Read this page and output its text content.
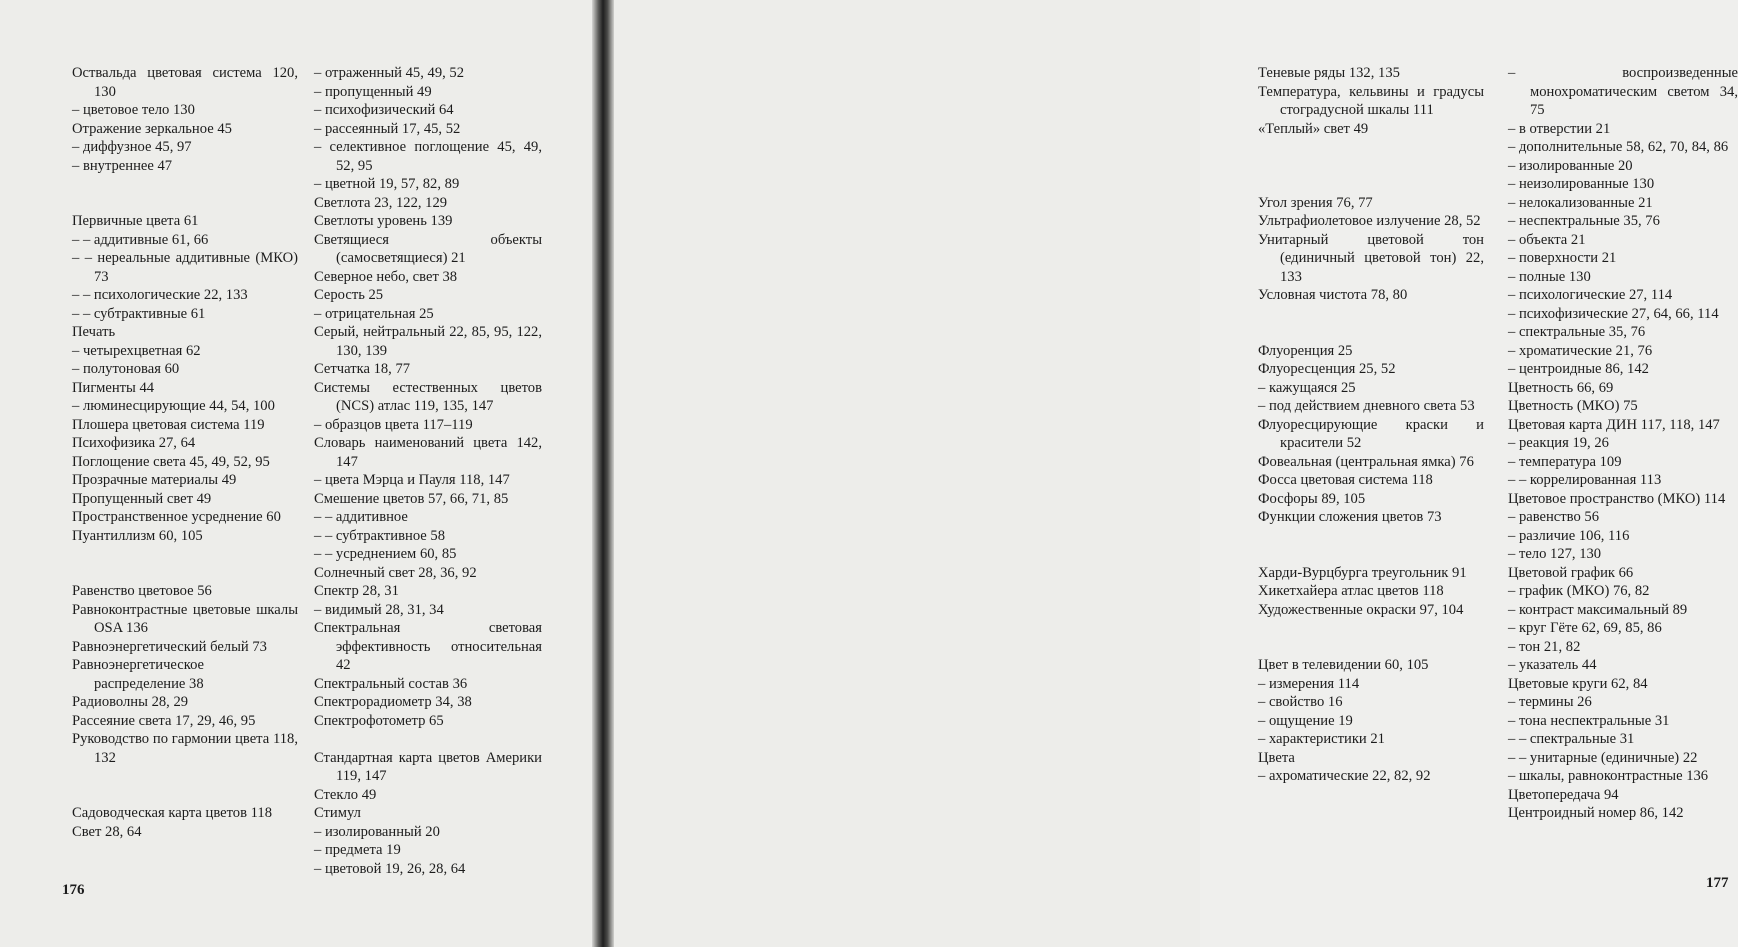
Оствальда цветовая система 120, 130

– цветовое тело 130

Отражение зеркальное 45

– диффузное 45, 97

– внутреннее 47

Первичные цвета 61

– – аддитивные 61, 66

– – нереальные аддитивные (МКО) 73

– – психологические 22, 133

– – субтрактивные 61

Печать

– четырехцветная 62

– полутоновая 60

Пигменты 44

– люминесцирующие 44, 54, 100

Плошера цветовая система 119

Психофизика 27, 64

Поглощение света 45, 49, 52, 95

Прозрачные материалы 49

Пропущенный свет 49

Пространственное усреднение 60

Пуантиллизм 60, 105

Равенство цветовое 56

Равноконтрастные цветовые шкалы OSA 136

Равноэнергетический белый 73

Равноэнергетическое распределение 38

Радиоволны 28, 29

Рассеяние света 17, 29, 46, 95

Руководство по гармонии цвета 118, 132

Садоводческая карта цветов 118

Свет 28, 64

– отраженный 45, 49, 52

– пропущенный 49

– психофизический 64

– рассеянный 17, 45, 52

– селективное поглощение 45, 49, 52, 95

– цветной 19, 57, 82, 89

Светлота 23, 122, 129

Светлоты уровень 139

Светящиеся объекты (самосветящиеся) 21

Северное небо, свет 38

Серость 25

– отрицательная 25

Серый, нейтральный 22, 85, 95, 122, 130, 139

Сетчатка 18, 77

Системы естественных цветов (NCS) атлас 119, 135, 147

– образцов цвета 117–119

Словарь наименований цвета 142, 147

– цвета Мэрца и Пауля 118, 147

Смешение цветов 57, 66, 71, 85

– – аддитивное

– – субтрактивное 58

– – усреднением 60, 85

Солнечный свет 28, 36, 92

Спектр 28, 31

– видимый 28, 31, 34

Спектральная световая эффективность относительная 42

Спектральный состав 36

Спектрорадиометр 34, 38

Спектрофотометр 65

Стандартная карта цветов Америки 119, 147

Стекло 49

Стимул

– изолированный 20

– предмета 19

– цветовой 19, 26, 28, 64

176

Теневые ряды 132, 135

Температура, кельвины и градусы стоградусной шкалы 111

«Теплый» свет 49

Угол зрения 76, 77

Ультрафиолетовое излучение 28, 52

Унитарный цветовой тон (единичный цветовой тон) 22, 133

Условная чистота 78, 80

Флуоренция 25

Флуоресценция 25, 52

– кажущаяся 25

– под действием дневного света 53

Флуоресцирующие краски и красители 52

Фовеальная (центральная ямка) 76

Фосса цветовая система 118

Фосфоры 89, 105

Функции сложения цветов 73

Харди-Вурцбурга треугольник 91

Хикетхайера атлас цветов 118

Художественные окраски 97, 104

Цвет в телевидении 60, 105

– измерения 114

– свойство 16

– ощущение 19

– характеристики 21

Цвета

– ахроматические 22, 82, 92

– воспроизведенные монохроматическим светом 34, 75

– в отверстии 21

– дополнительные 58, 62, 70, 84, 86

– изолированные 20

– неизолированные 130

– нелокализованные 21

– неспектральные 35, 76

– объекта 21

– поверхности 21

– полные 130

– психологические 27, 114

– психофизические 27, 64, 66, 114

– спектральные 35, 76

– хроматические 21, 76

– центроидные 86, 142

Цветность 66, 69

Цветность (МКО) 75

Цветовая карта ДИН 117, 118, 147

– реакция 19, 26

– температура 109

– – коррелированная 113

Цветовое пространство (МКО) 114

– равенство 56

– различие 106, 116

– тело 127, 130

Цветовой график 66

– график (МКО) 76, 82

– контраст максимальный 89

– круг Гёте 62, 69, 85, 86

– тон 21, 82

– указатель 44

Цветовые круги 62, 84

– термины 26

– тона неспектральные 31

– – спектральные 31

– – унитарные (единичные) 22

– шкалы, равноконтрастные 136

Цветопередача 94

Центроидный номер 86, 142

177
